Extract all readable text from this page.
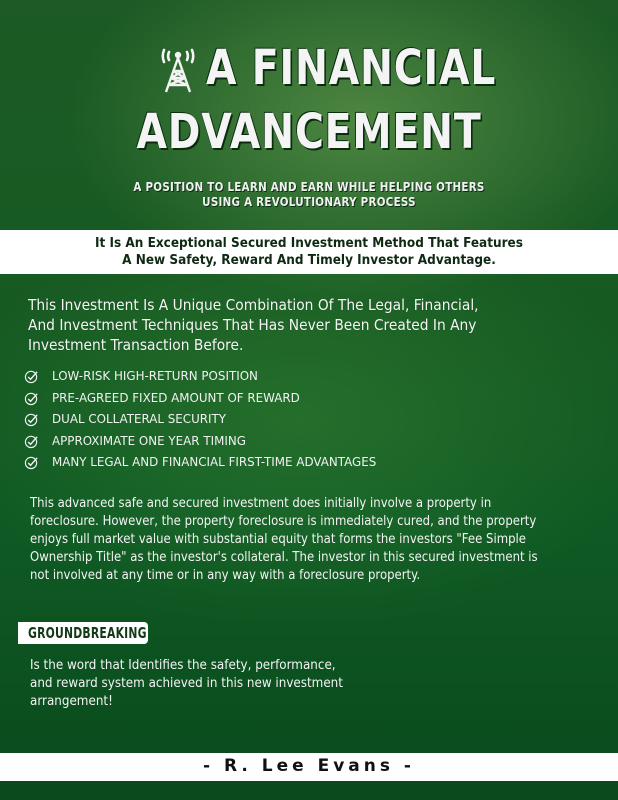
A FINANCIAL
ADVANCEMENT
A POSITION TO LEARN AND EARN WHILE HELPING OTHERS
USING A REVOLUTIONARY PROCESS
It Is An Exceptional Secured Investment Method That Features
A New Safety, Reward And Timely Investor Advantage.
This Investment Is A Unique Combination Of The Legal, Financial,
And Investment Techniques That Has Never Been Created In Any
Investment Transaction Before.
LOW-RISK HIGH-RETURN POSITION
PRE-AGREED FIXED AMOUNT OF REWARD
DUAL COLLATERAL SECURITY
APPROXIMATE ONE YEAR TIMING
MANY LEGAL AND FINANCIAL FIRST-TIME ADVANTAGES
This advanced safe and secured investment does initially involve a property in
foreclosure. However, the property foreclosure is immediately cured, and the property
enjoys full market value with substantial equity that forms the investors "Fee Simple
Ownership Title" as the investor's collateral. The investor in this secured investment is
not involved at any time or in any way with a foreclosure property.
GROUNDBREAKING
Is the word that Identifies the safety, performance,
and reward system achieved in this new investment
arrangement!
- R. Lee Evans -
